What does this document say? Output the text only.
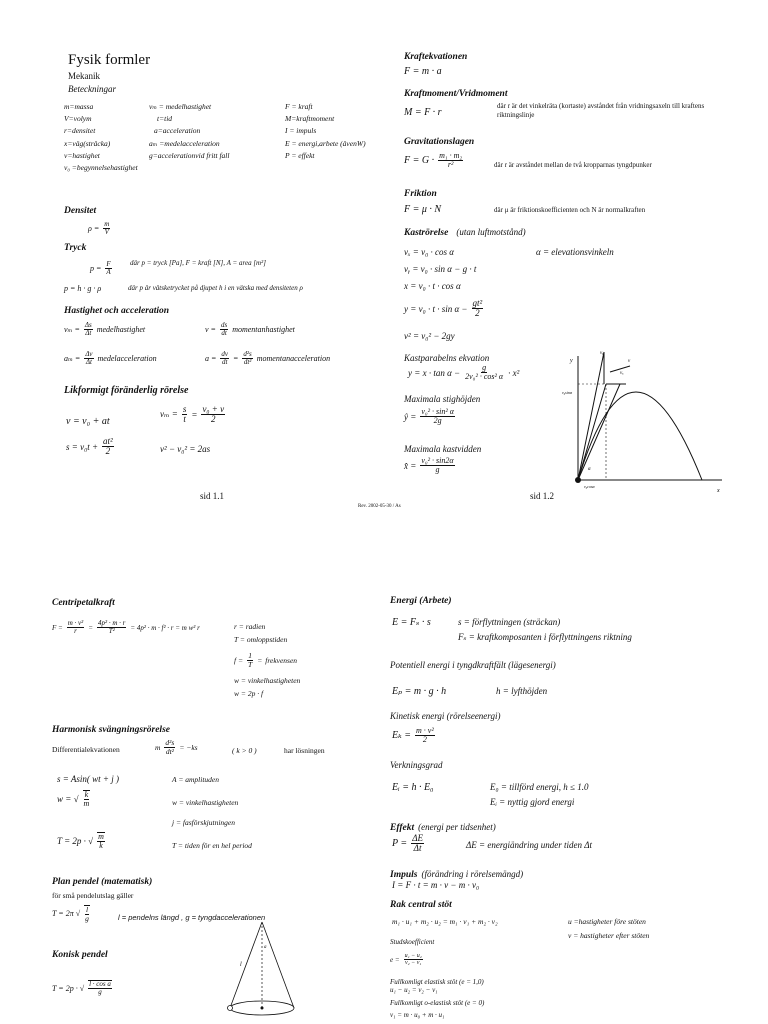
Fysik formler
Mekanik
Beteckningar
m=massa
V=volym
r=densitet
x=väg(sträcka)
v=hastighet
v₀ =begynnelsehastighet
vₘ = medelhastighet
t=tid
a=acceleration
aₘ =medelacceleration
g=accelerationvid fritt fall
F = kraft
M=kraftmoment
I = impuls
E = energi,arbete (ävenW)
P = effekt
Densitet
$\rho = \frac{m}{V}$
Tryck
$p = \frac{F}{A}$	där p = tryck [Pa], F = kraft [N], A = area [m²]
p = h · g · ρ	där p är vätsketrycket på djupet h i en vätska med densiteten ρ
Hastighet och acceleration
$v_m = \frac{\Delta s}{\Delta t}$ medelhastighet	$v = \frac{ds}{dt}$ momentanhastighet
$a_m = \frac{\Delta v}{\Delta t}$ medelacceleration	$a = \frac{dv}{dt} = \frac{\text{d²s}}{\text{dt²}}$ momentanacceleration
Likformigt föränderlig rörelse
v = v₀ + at
$v_m = \frac{s}{t} = \frac{\text{v₀ + v}}{2}$
$s = v_0t + \frac{\text{at²}}{2}$	v² − v₀² = 2as
sid 1.1
Rev. 2002-05-30 / As
Kraftekvationen
F = m · a
Kraftmoment/Vridmoment
M = F · r
där r är det vinkelräta (kortaste) avståndet från vridningsaxeln till kraftens riktningslinje
Gravitationslagen
$F = G \cdot \frac{\text{m₁ · m₂}}{\text{r²}}$	där r är avståndet mellan de två kropparnas tyngdpunker
Friktion
F = μ · N	där μ är friktionskoefficienten och N är normalkraften
Kaströrelse (utan luftmotstånd)
vₓ = v₀ · cos α	α = elevationsvinkeln
vᵧ = v₀ · sin α − g · t
x = v₀ · t · cos α
$y = v_0 \cdot t \cdot \sin \alpha - \frac{\text{gt²}}{2}$
v² = v₀² − 2gy
Kastparabelns ekvation
$y = x \cdot \tan \alpha - \frac{g}{\text{2v₀² · cos² α}} \cdot x^2$
Maximala stighöjden
ŷ = $\frac{\text{v₀² · sin² α}}{2g}$
Maximala kastvidden
x̂ = $\frac{\text{v₀² · sin2α}}{g}$
sid 1.2
y
x
vᵧ
v
vₓ
v₀sinα
v₀cosα
α
Centripetalkraft
$F = \frac{\text{m · v²}}{r} = \frac{\text{4p² · m · r}}{\text{T²}} = 4p^2 \cdot m \cdot f^2 \cdot r = m$ w² r	r = radien
T = omloppstiden
$f = \frac{1}{T}$ = frekvensen
w = vinkelhastigheten
w = 2p · f
Harmonisk svängningsrörelse
Differentialekvationen	m $\frac{\text{d²s}}{\text{dt²}} = -ks$	( k > 0 )	har lösningen
s = Asin( wt + j )	A = amplituden
w = √ $\frac{k}{m}$	w = vinkelhastigheten
j = fasförskjutningen
T = 2p · √ $\frac{m}{k}$	T = tiden för en hel period
Plan pendel (matematisk)
för små pendelutslag gäller
T = 2π √ $\frac{l}{g}$	l = pendelns längd , g = tyngdaccelerationen
Konisk pendel
T = 2p · √ $\frac{\text{l · cos a}}{g}$
l
a
Energi (Arbete)
E = Fₛ · s	s = förflyttningen (sträckan)
Fₛ = kraftkomposanten i förflyttningens riktning
Potentiell energi i tyngdkraftfält (lägesenergi)
Eₚ = m · g · h	h = lyfthöjden
Kinetisk energi (rörelseenergi)
$E_k = \frac{\text{m · v²}}{2}$
Verkningsgrad
Eᵢ = h · E₀	E₀ = tillförd energi, h ≤ 1.0
Eᵢ = nyttig gjord energi
Effekt (energi per tidsenhet)
$P = \frac{\Delta E}{\Delta t}$	ΔE = energiändring under tiden Δt
Impuls (förändring i rörelsemängd)
I = F · t = m · v − m · v₀
Rak central stöt
m₁ · u₁ + m₂ · u₂ = m₁ · v₁ + m₂ · v₂	u =hastigheter före stöten
v = hastigheter efter stöten
Studskoefficient
$e = \frac{\text{u₁ − u₂}}{\text{v₂ − v₁}}$
Fullkomligt elastisk stöt (e = 1,0)
u₁ − u₂ = v₂ − v₁
Fullkomligt o-elastisk stöt (e = 0)
v₁ = m · u₀ + m · u₁
